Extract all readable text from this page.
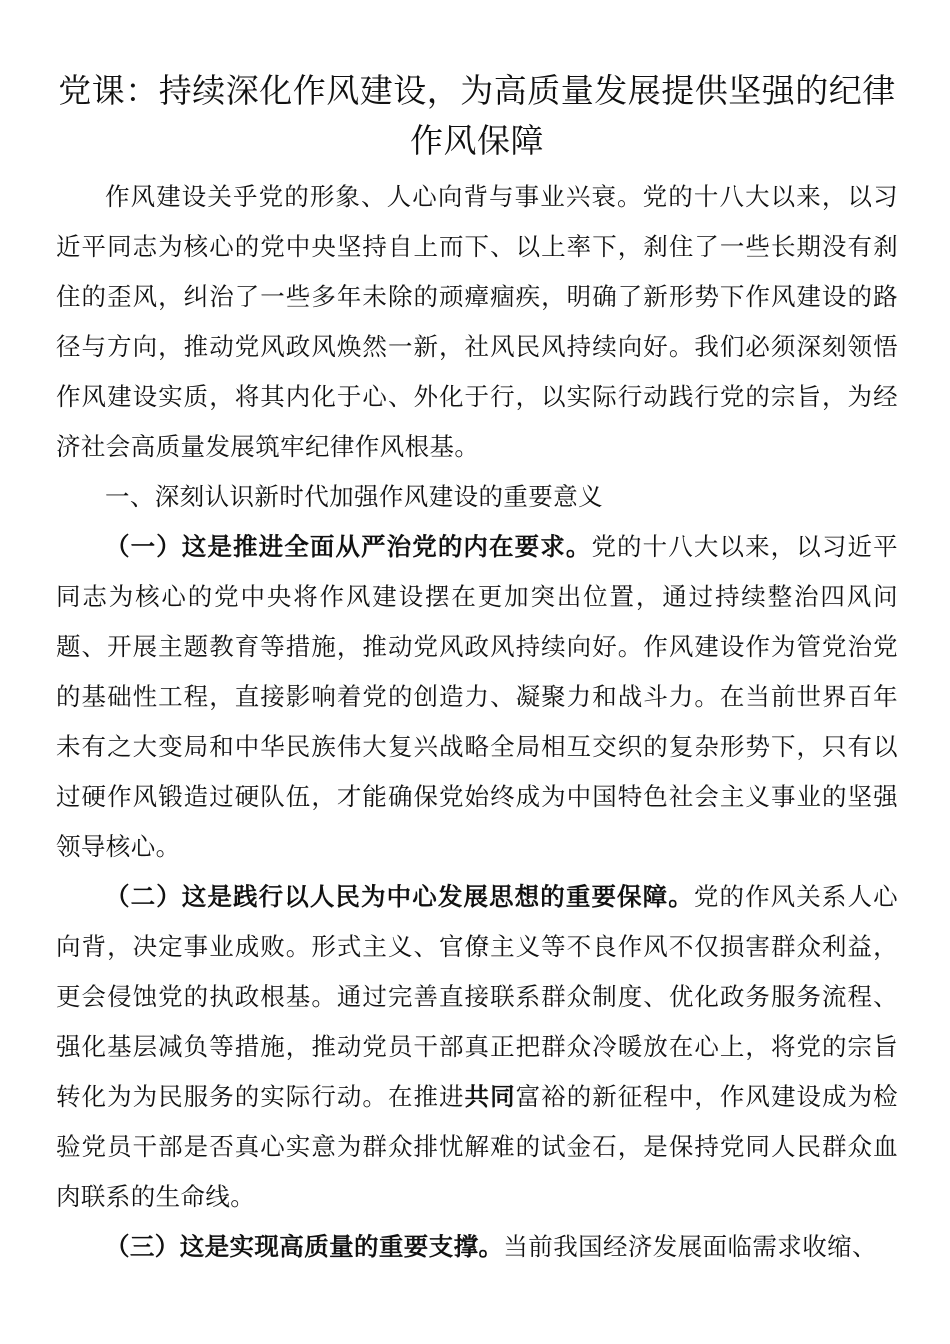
党课：持续深化作风建设，为高质量发展提供坚强的纪律作风保障

作风建设关乎党的形象、人心向背与事业兴衰。党的十八大以来，以习近平同志为核心的党中央坚持自上而下、以上率下，刹住了一些长期没有刹住的歪风，纠治了一些多年未除的顽瘴痼疾，明确了新形势下作风建设的路径与方向，推动党风政风焕然一新，社风民风持续向好。我们必须深刻领悟作风建设实质，将其内化于心、外化于行，以实际行动践行党的宗旨，为经济社会高质量发展筑牢纪律作风根基。

一、深刻认识新时代加强作风建设的重要意义

（一）这是推进全面从严治党的内在要求。党的十八大以来，以习近平同志为核心的党中央将作风建设摆在更加突出位置，通过持续整治四风问题、开展主题教育等措施，推动党风政风持续向好。作风建设作为管党治党的基础性工程，直接影响着党的创造力、凝聚力和战斗力。在当前世界百年未有之大变局和中华民族伟大复兴战略全局相互交织的复杂形势下，只有以过硬作风锻造过硬队伍，才能确保党始终成为中国特色社会主义事业的坚强领导核心。

（二）这是践行以人民为中心发展思想的重要保障。党的作风关系人心向背，决定事业成败。形式主义、官僚主义等不良作风不仅损害群众利益，更会侵蚀党的执政根基。通过完善直接联系群众制度、优化政务服务流程、强化基层减负等措施，推动党员干部真正把群众冷暖放在心上，将党的宗旨转化为为民服务的实际行动。在推进共同富裕的新征程中，作风建设成为检验党员干部是否真心实意为群众排忧解难的试金石，是保持党同人民群众血肉联系的生命线。

（三）这是实现高质量的重要支撑。当前我国经济发展面临需求收缩、
